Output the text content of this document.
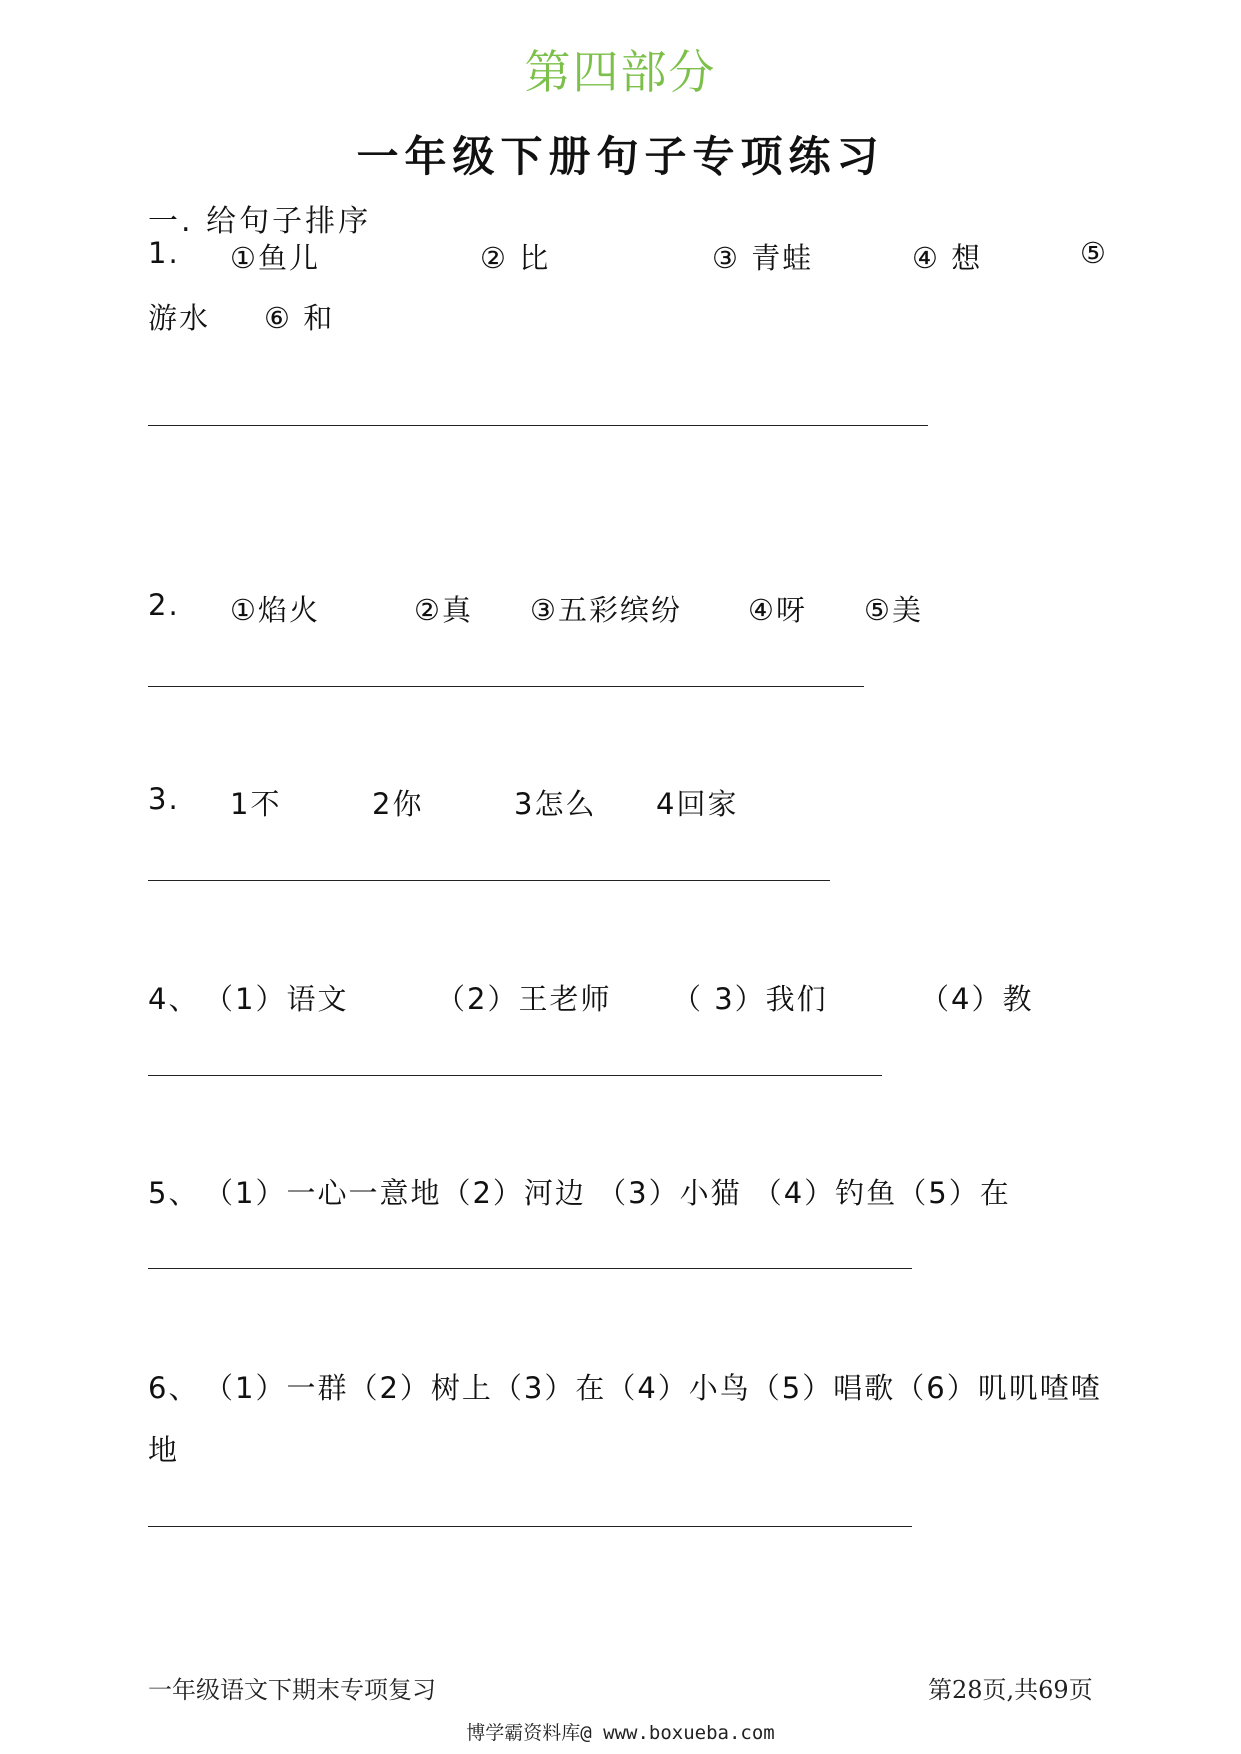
第四部分
一年级下册句子专项练习
一. 给句子排序
1. ①鱼儿	② 比	③ 青蛙	④ 想	⑤
游水 ⑥ 和
2. ①焰火	②真 ③五彩缤纷 ④呀 ⑤美
3. 1不	2你	3怎么 4回家
4、 （1）语文	（2）王老师 （ 3）我们	（4）教
5、 （1）一心一意地（2）河边 （3）小猫 （4）钓鱼（5）在
6、 （1）一群（2）树上（3）在（4）小鸟（5）唱歌（6）叽叽喳喳
地
一年级语文下期末专项复习	第28页,共69页
博学霸资料库@ www.boxueba.com
